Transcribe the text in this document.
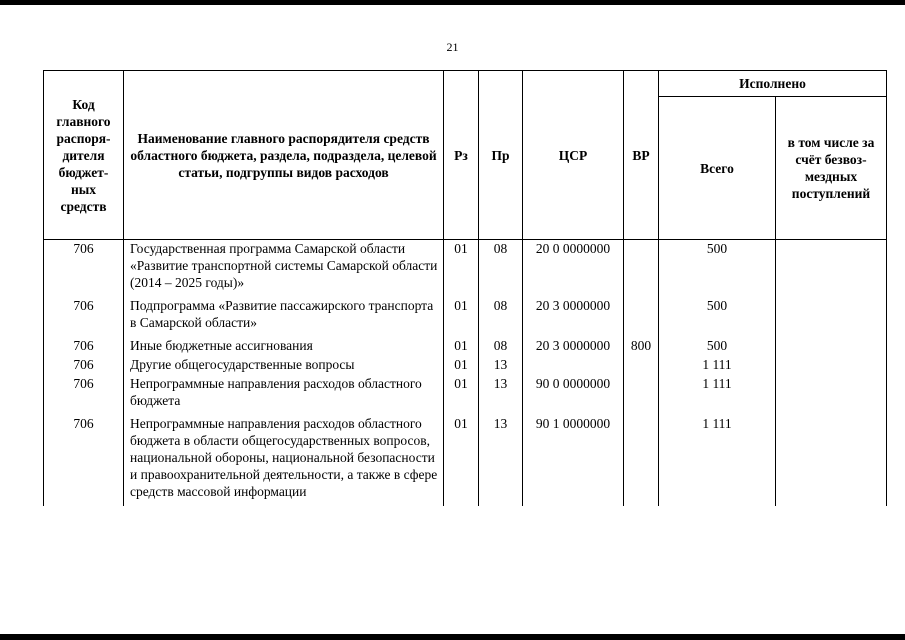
21
Код главного распоря-дителя бюджет-ных средств	Наименование главного распорядителя средств областного бюджета, раздела, подраздела, целевой статьи, подгруппы видов расходов	Рз	Пр	ЦСР	ВР	Исполнено	
						Всего	в том числе за счёт безвоз-мездных поступлений
706	Государственная программа Самарской области «Развитие транспортной системы Самарской области (2014 – 2025 годы)»	01	08	20 0 0000000		500	
706	Подпрограмма «Развитие пассажирского транспорта в Самарской области»	01	08	20 3 0000000		500	
706	Иные бюджетные ассигнования	01	08	20 3 0000000	800	500	
706	Другие общегосударственные вопросы	01	13			1 111	
706	Непрограммные направления расходов областного бюджета	01	13	90 0 0000000		1 111	
706	Непрограммные направления расходов областного бюджета в области общегосударственных вопросов, национальной обороны, национальной безопасности и правоохранительной деятельности, а также в сфере средств массовой информации	01	13	90 1 0000000		1 111	
